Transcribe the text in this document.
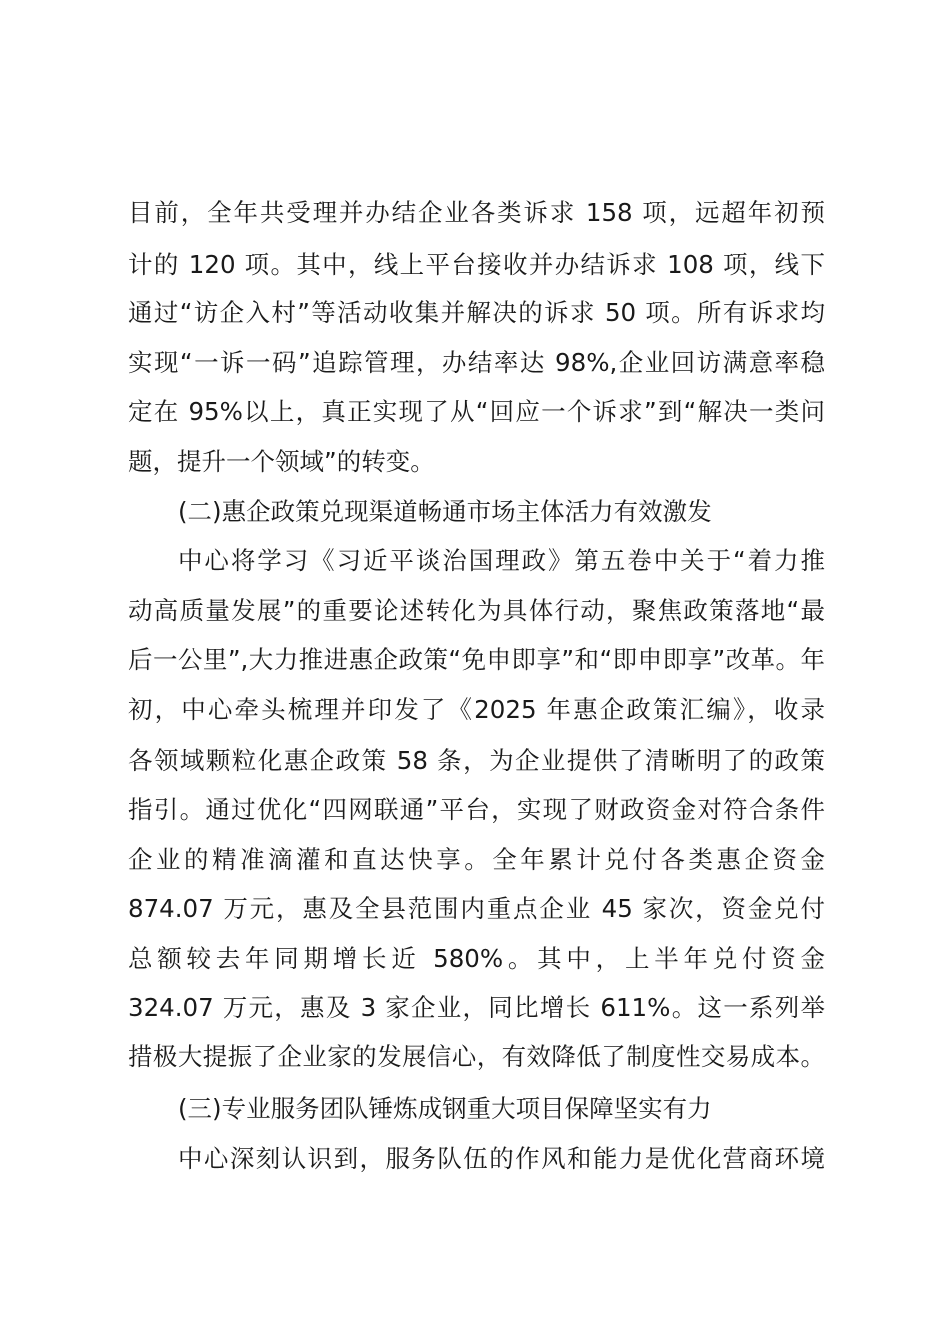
目前，全年共受理并办结企业各类诉求 158 项，远超年初预
计的 120 项。其中，线上平台接收并办结诉求 108 项，线下
通过“访企入村”等活动收集并解决的诉求 50 项。所有诉求均
实现“一诉一码”追踪管理，办结率达 98%,企业回访满意率稳
定在 95%以上，真正实现了从“回应一个诉求”到“解决一类问
题，提升一个领域”的转变。
(二)惠企政策兑现渠道畅通市场主体活力有效激发
中心将学习《习近平谈治国理政》第五卷中关于“着力推
动高质量发展”的重要论述转化为具体行动，聚焦政策落地“最
后一公里”,大力推进惠企政策“免申即享”和“即申即享”改革。年
初，中心牵头梳理并印发了《2025 年惠企政策汇编》，收录
各领域颗粒化惠企政策 58 条，为企业提供了清晰明了的政策
指引。通过优化“四网联通”平台，实现了财政资金对符合条件
企业的精准滴灌和直达快享。全年累计兑付各类惠企资金
874.07 万元，惠及全县范围内重点企业 45 家次，资金兑付
总额较去年同期增长近 580%。其中，上半年兑付资金
324.07 万元，惠及 3 家企业，同比增长 611%。这一系列举
措极大提振了企业家的发展信心，有效降低了制度性交易成本。
(三)专业服务团队锤炼成钢重大项目保障坚实有力
中心深刻认识到，服务队伍的作风和能力是优化营商环境
